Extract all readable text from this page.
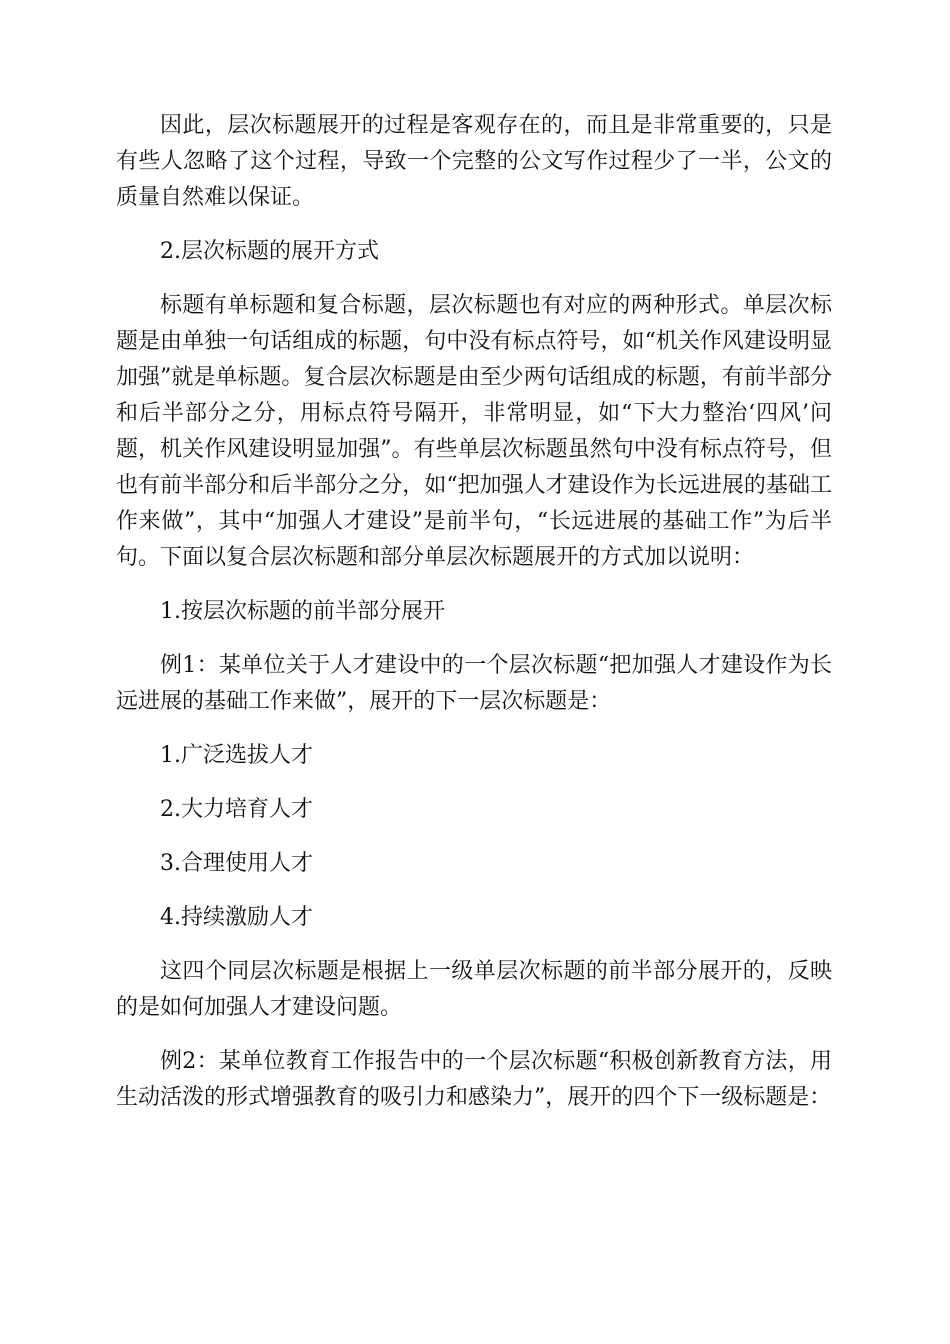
因此，层次标题展开的过程是客观存在的，而且是非常重要的，只是有些人忽略了这个过程，导致一个完整的公文写作过程少了一半，公文的质量自然难以保证。

2.层次标题的展开方式

标题有单标题和复合标题，层次标题也有对应的两种形式。单层次标题是由单独一句话组成的标题，句中没有标点符号，如“机关作风建设明显加强”就是单标题。复合层次标题是由至少两句话组成的标题，有前半部分和后半部分之分，用标点符号隔开，非常明显，如“下大力整治‘四风’问题，机关作风建设明显加强”。有些单层次标题虽然句中没有标点符号，但也有前半部分和后半部分之分，如“把加强人才建设作为长远进展的基础工作来做”，其中“加强人才建设”是前半句，“长远进展的基础工作”为后半句。下面以复合层次标题和部分单层次标题展开的方式加以说明：

1.按层次标题的前半部分展开

例1：某单位关于人才建设中的一个层次标题“把加强人才建设作为长远进展的基础工作来做”，展开的下一层次标题是：

1.广泛选拔人才

2.大力培育人才

3.合理使用人才

4.持续激励人才

这四个同层次标题是根据上一级单层次标题的前半部分展开的，反映的是如何加强人才建设问题。

例2：某单位教育工作报告中的一个层次标题“积极创新教育方法，用生动活泼的形式增强教育的吸引力和感染力”，展开的四个下一级标题是：
